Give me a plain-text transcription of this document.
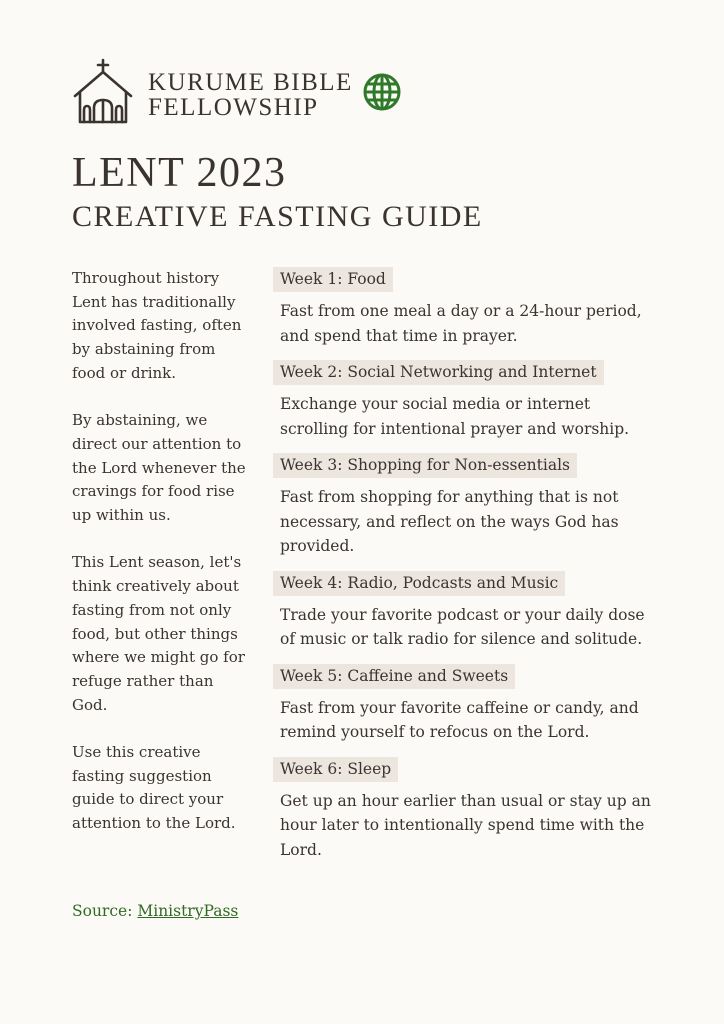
KURUME BIBLE
FELLOWSHIP
LENT 2023
CREATIVE FASTING GUIDE

Throughout history Lent has traditionally involved fasting, often by abstaining from food or drink.

By abstaining, we direct our attention to the Lord whenever the cravings for food rise up within us.

This Lent season, let's think creatively about fasting from not only food, but other things where we might go for refuge rather than God.

Use this creative fasting suggestion guide to direct your attention to the Lord.

Week 1: Food
Fast from one meal a day or a 24-hour period, and spend that time in prayer.
Week 2: Social Networking and Internet
Exchange your social media or internet scrolling for intentional prayer and worship.
Week 3: Shopping for Non-essentials
Fast from shopping for anything that is not necessary, and reflect on the ways God has provided.
Week 4: Radio, Podcasts and Music
Trade your favorite podcast or your daily dose of music or talk radio for silence and solitude.
Week 5: Caffeine and Sweets
Fast from your favorite caffeine or candy, and remind yourself to refocus on the Lord.
Week 6: Sleep
Get up an hour earlier than usual or stay up an hour later to intentionally spend time with the Lord.
Source: MinistryPass
